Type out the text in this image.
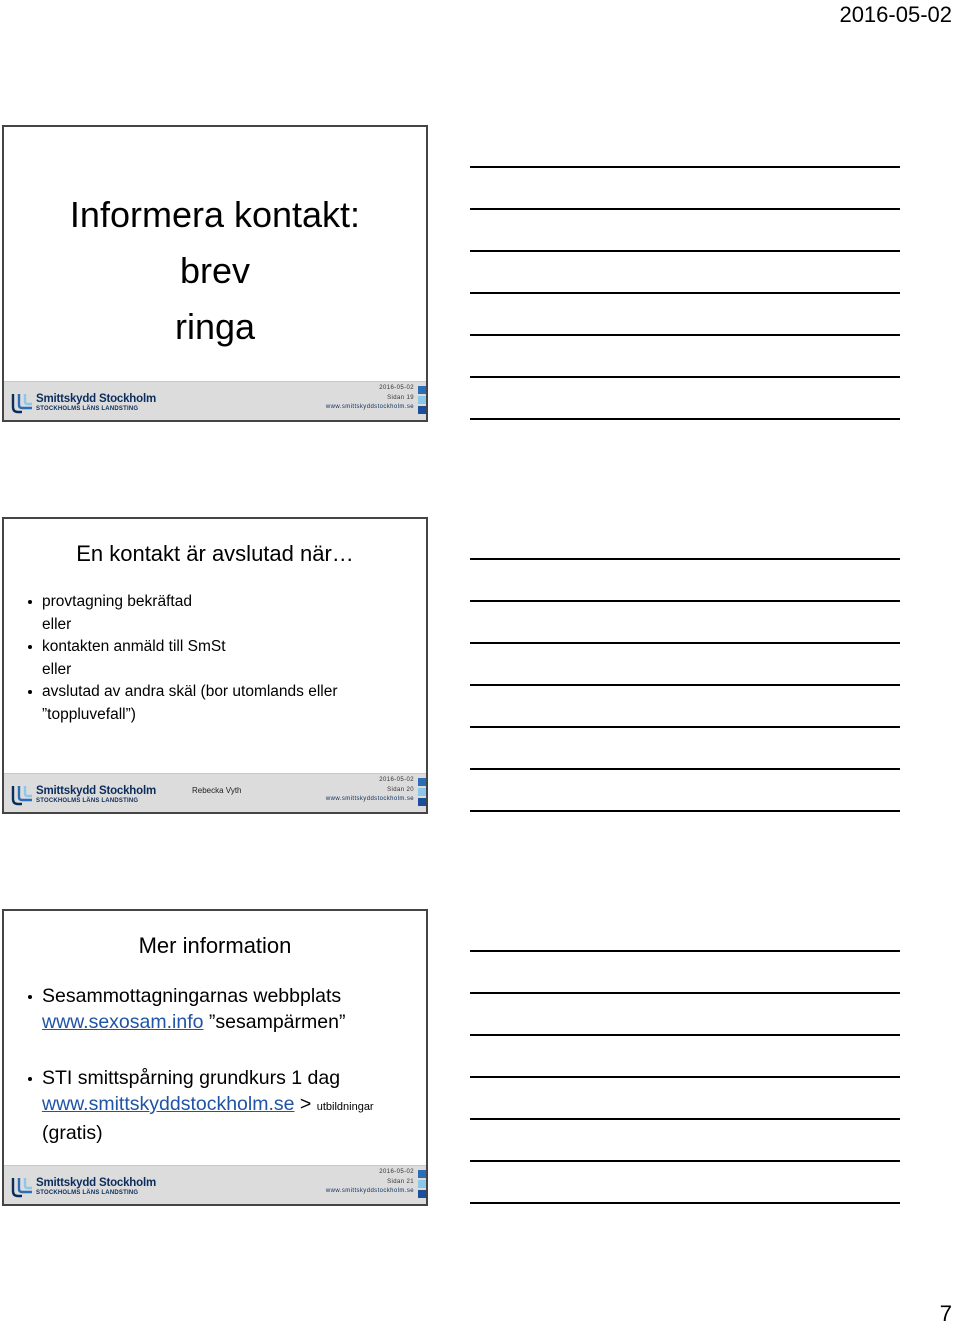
2016-05-02
Informera kontakt:
brev
ringa
Smittskydd Stockholm
STOCKHOLMS LÄNS LANDSTING
2016-05-02
Sidan 19
www.smittskyddstockholm.se
En kontakt är avslutad när…
provtagning bekräftad
eller
kontakten anmäld till SmSt
eller
avslutad av andra skäl (bor utomlands eller
”toppluvefall”)
Smittskydd Stockholm
STOCKHOLMS LÄNS LANDSTING
Rebecka Vyth
2016-05-02
Sidan 20
www.smittskyddstockholm.se
Mer information
Sesammottagningarnas webbplats
www.sexosam.info ”sesampärmen”
STI smittspårning grundkurs 1 dag
www.smittskyddstockholm.se > utbildningar
(gratis)
Smittskydd Stockholm
STOCKHOLMS LÄNS LANDSTING
2016-05-02
Sidan 21
www.smittskyddstockholm.se
7
